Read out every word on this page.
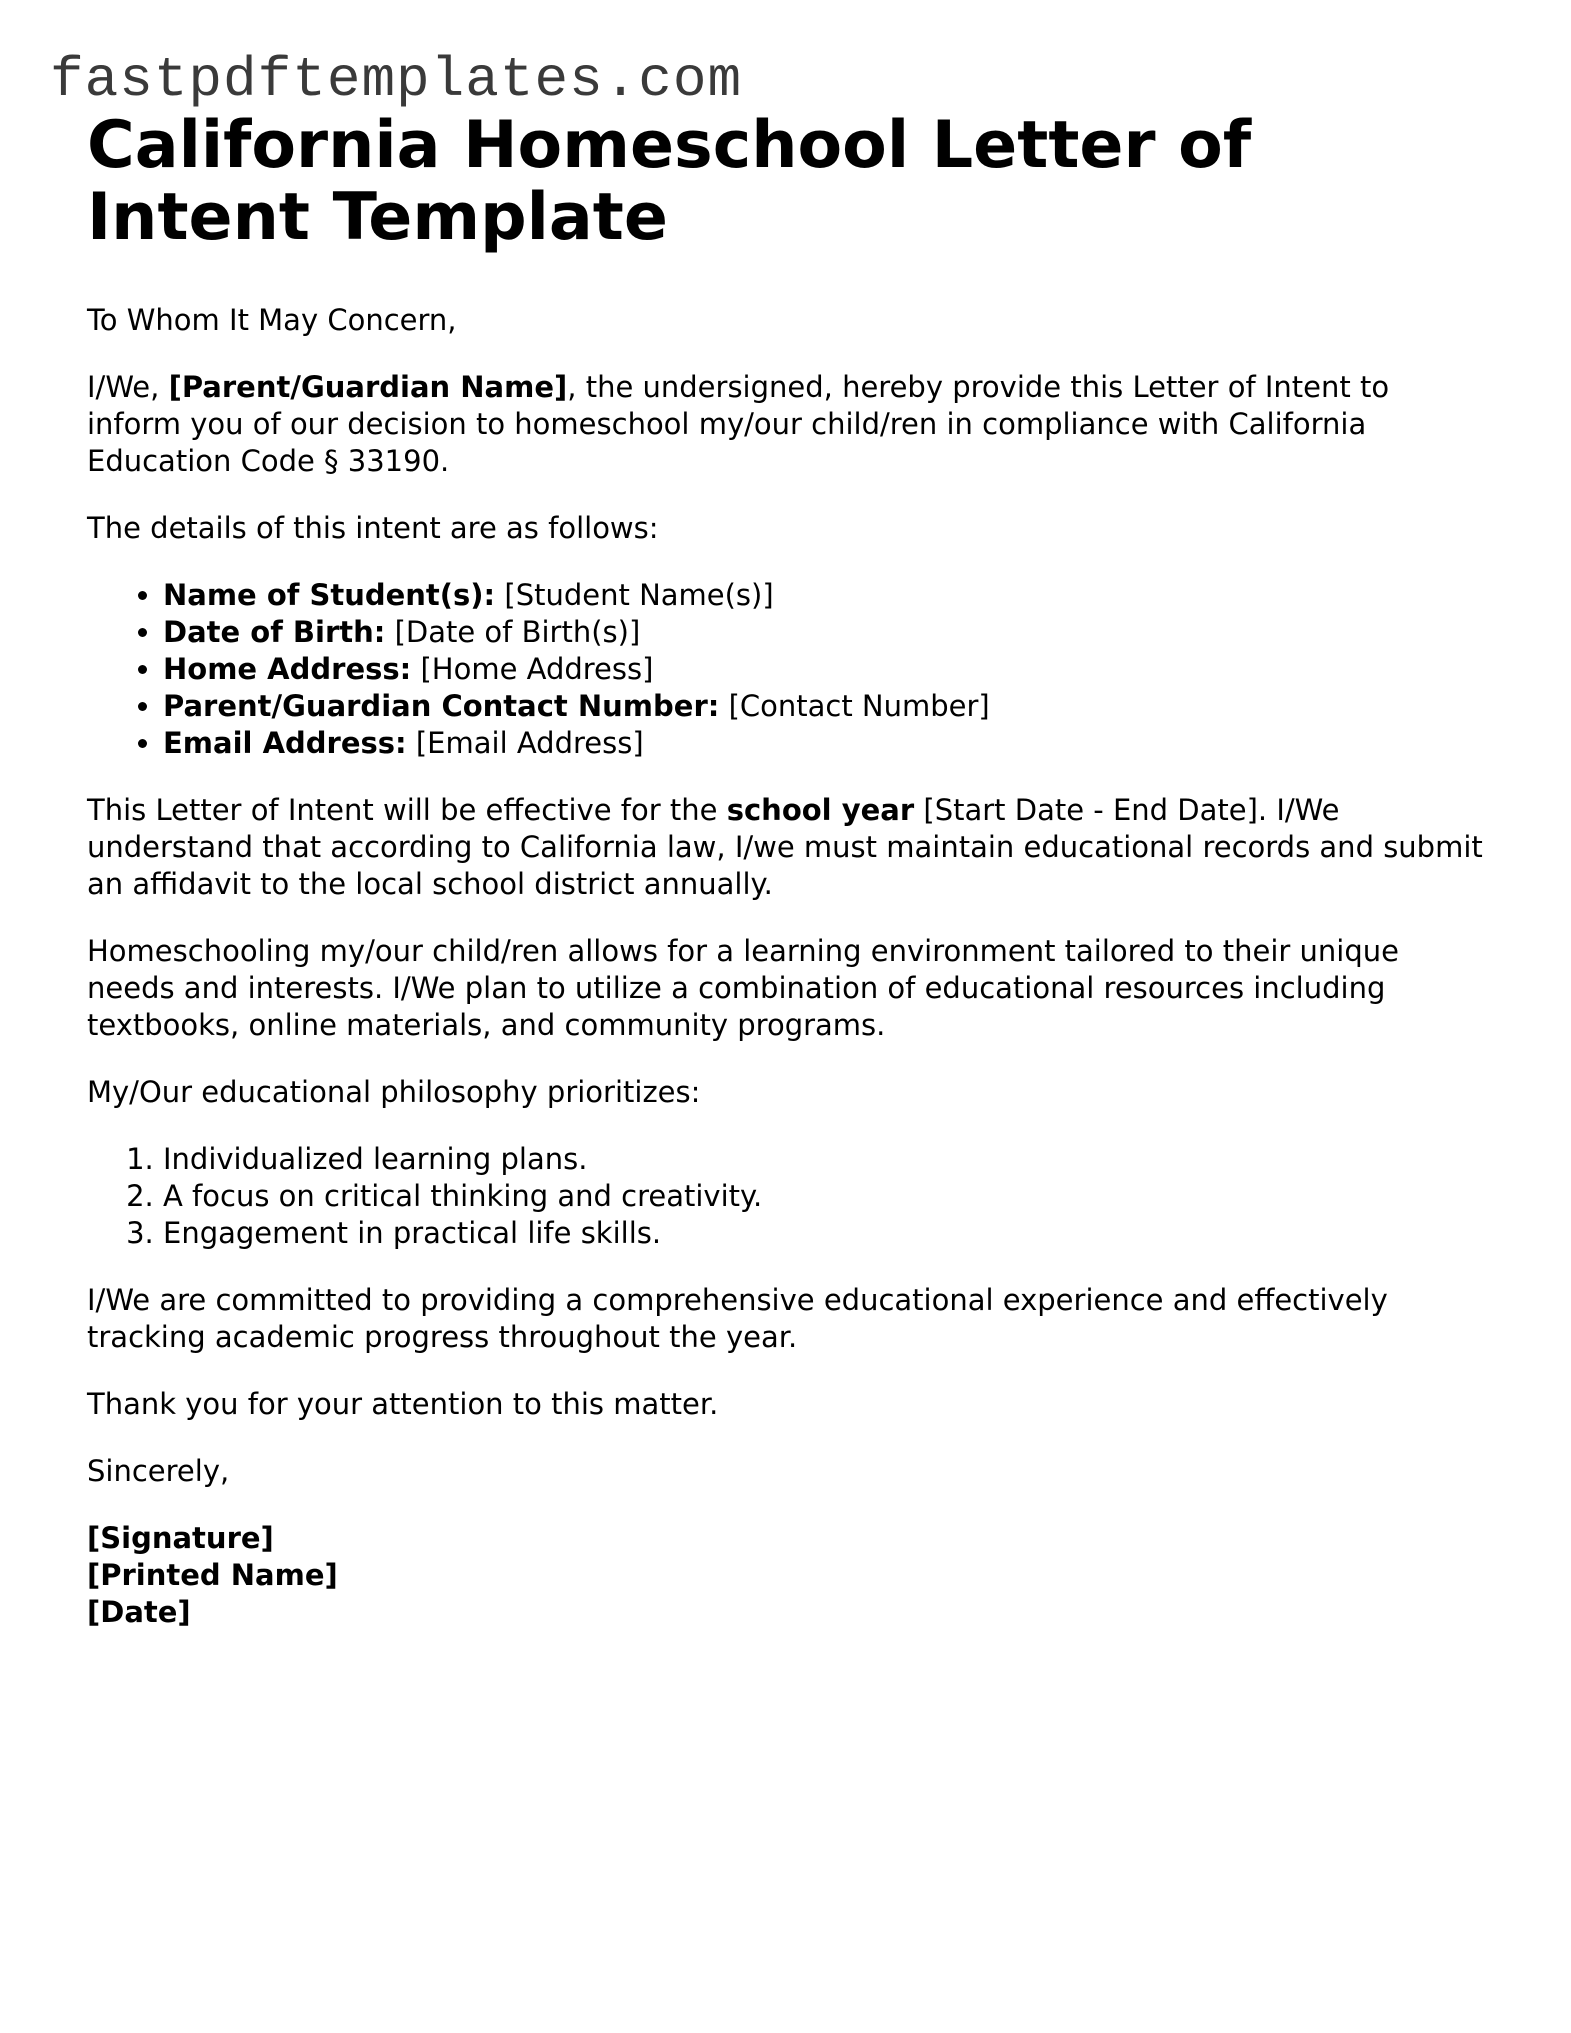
fastpdftemplates.com
California Homeschool Letter of Intent Template

To Whom It May Concern,

I/We, [Parent/Guardian Name], the undersigned, hereby provide this Letter of Intent to inform you of our decision to homeschool my/our child/ren in compliance with California Education Code § 33190.

The details of this intent are as follows:

• Name of Student(s): [Student Name(s)]
• Date of Birth: [Date of Birth(s)]
• Home Address: [Home Address]
• Parent/Guardian Contact Number: [Contact Number]
• Email Address: [Email Address]

This Letter of Intent will be effective for the school year [Start Date - End Date]. I/We understand that according to California law, I/we must maintain educational records and submit an affidavit to the local school district annually.

Homeschooling my/our child/ren allows for a learning environment tailored to their unique needs and interests. I/We plan to utilize a combination of educational resources including textbooks, online materials, and community programs.

My/Our educational philosophy prioritizes:

1. Individualized learning plans.
2. A focus on critical thinking and creativity.
3. Engagement in practical life skills.

I/We are committed to providing a comprehensive educational experience and effectively tracking academic progress throughout the year.

Thank you for your attention to this matter.

Sincerely,

[Signature]
[Printed Name]
[Date]
